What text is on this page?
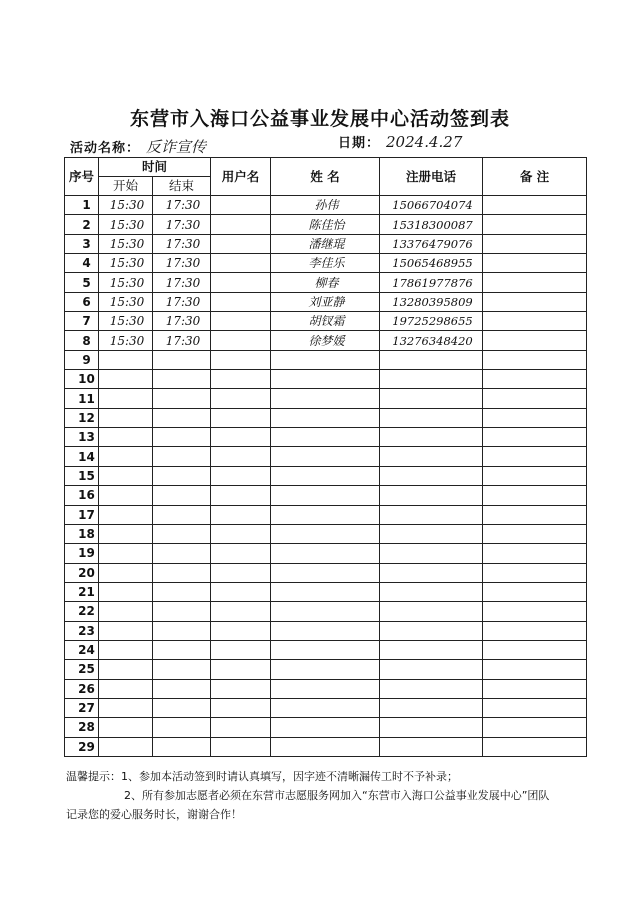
东营市入海口公益事业发展中心活动签到表
活动名称： 反诈宣传	日期： 2024.4.27
序号	时间		用户名	姓 名	注册电话	备 注
	开始	结束				
1	15:30	17:30		孙伟	15066704074	
2	15:30	17:30		陈佳怡	15318300087	
3	15:30	17:30		潘继琨	13376479076	
4	15:30	17:30		李佳乐	15065468955	
5	15:30	17:30		柳春	17861977876	
6	15:30	17:30		刘亚静	13280395809	
7	15:30	17:30		胡钗霜	19725298655	
8	15:30	17:30		徐梦媛	13276348420	
9						
10						
11						
12						
13						
14						
15						
16						
17						
18						
19						
20						
21						
22						
23						
24						
25						
26						
27						
28						
29						
温馨提示：1、参加本活动签到时请认真填写，因字迹不清晰漏传工时不予补录；
2、所有参加志愿者必须在东营市志愿服务网加入“东营市入海口公益事业发展中心”团队
记录您的爱心服务时长，谢谢合作！
